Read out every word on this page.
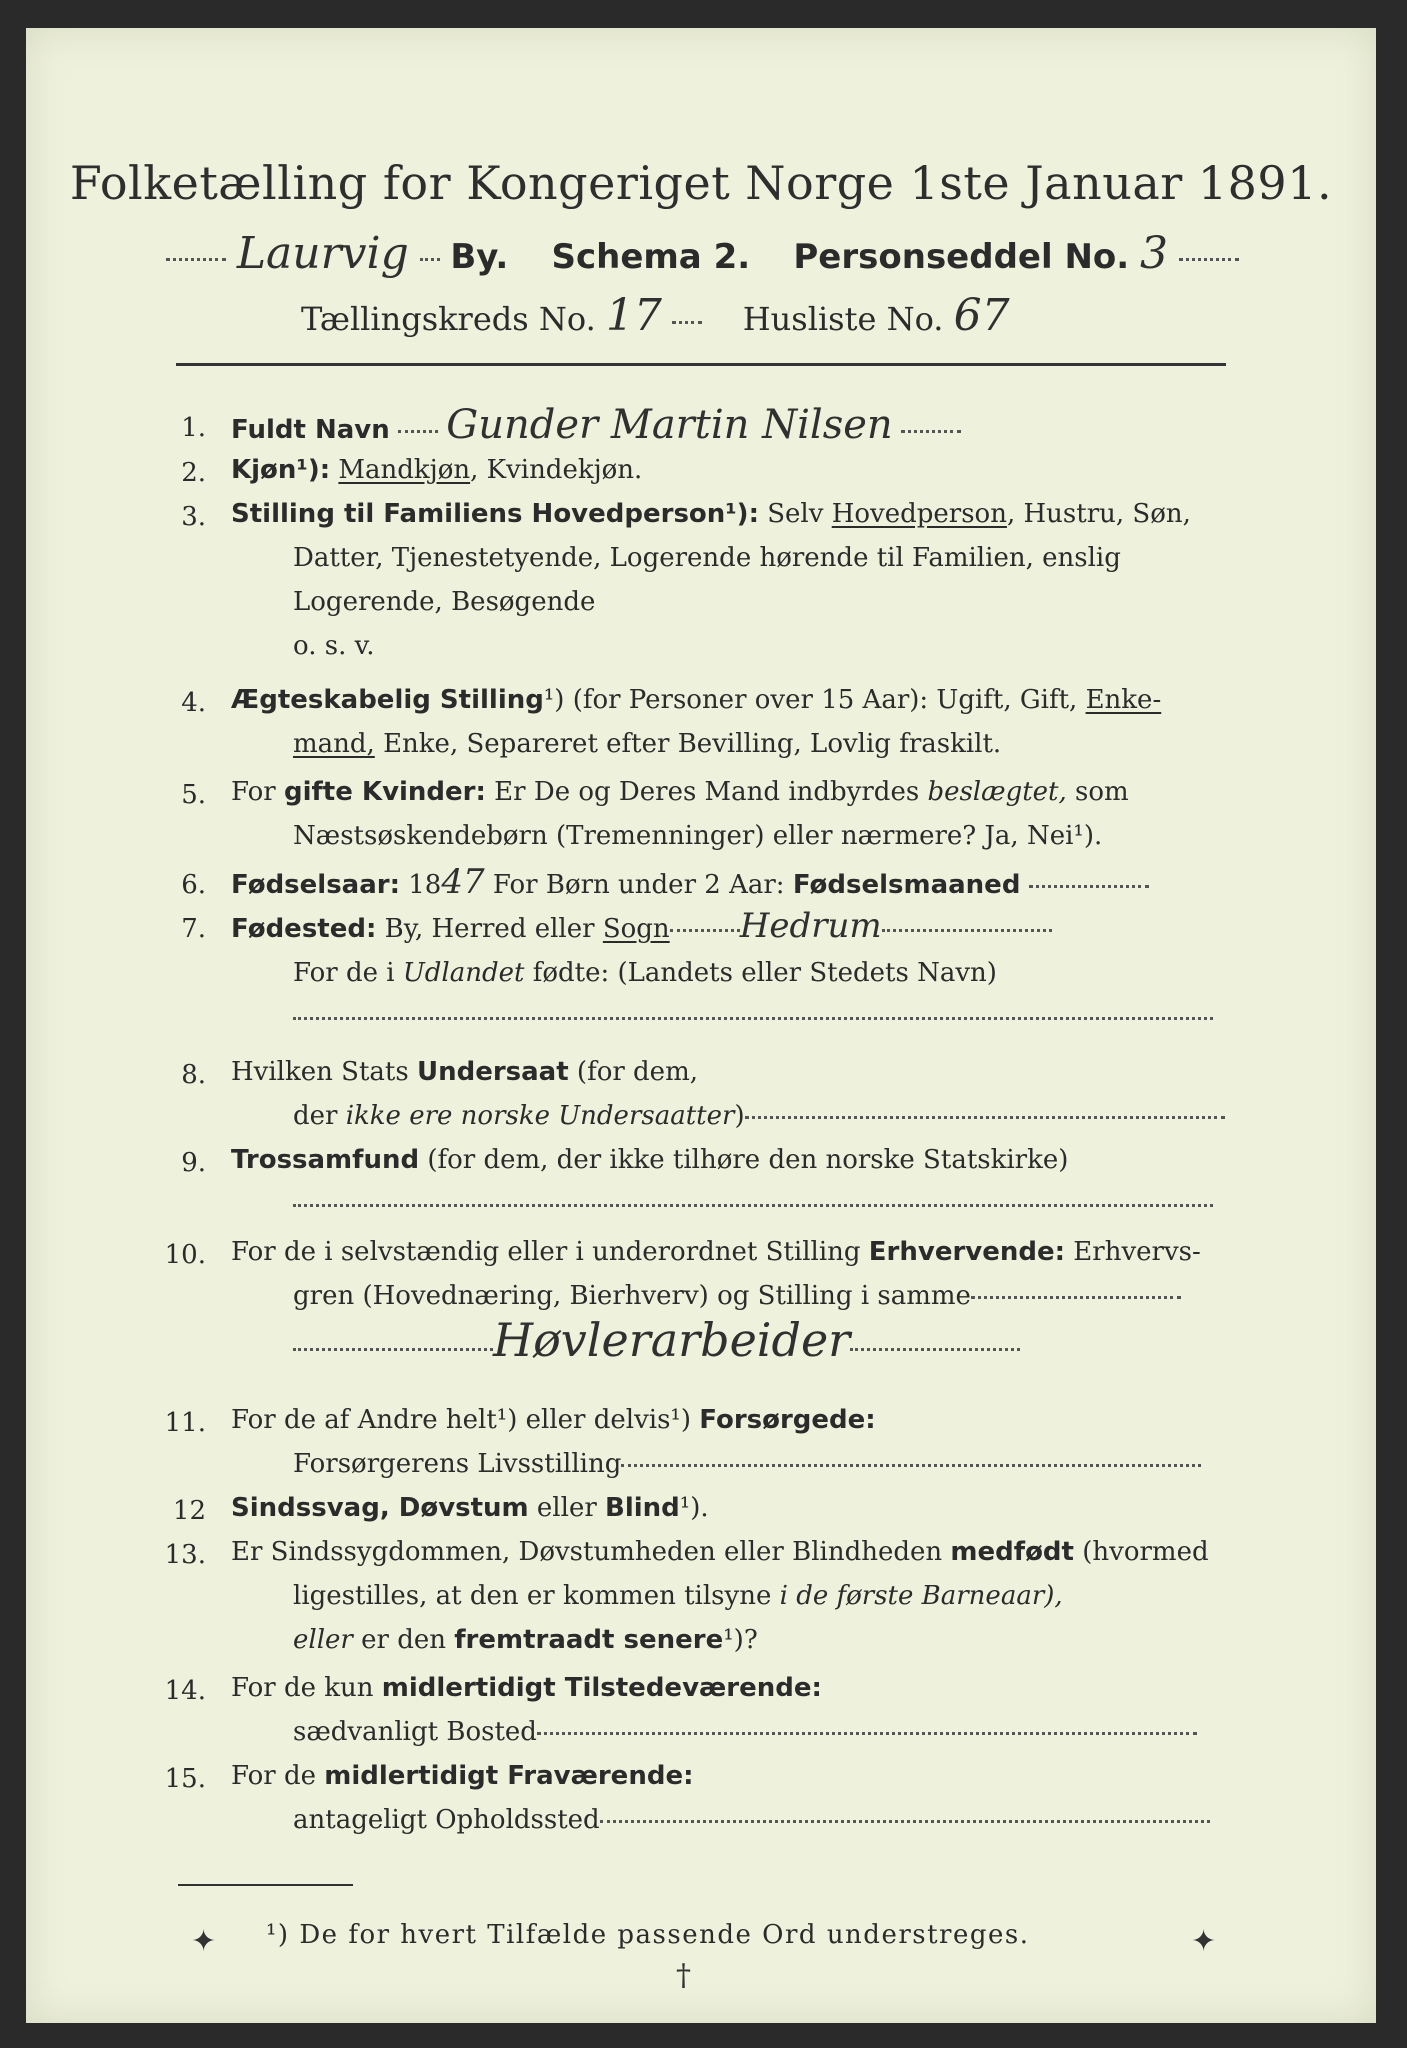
Folketælling for Kongeriget Norge 1ste Januar 1891.
Laurvig By. Schema 2. Personseddel No. 3
Tællingskreds No. 17	Husliste No. 67
1. Fuldt Navn Gunder Martin Nilsen
2. Kjøn¹): Mandkjøn, Kvindekjøn.
3. Stilling til Familiens Hovedperson¹): Selv Hovedperson, Hustru, Søn,
Datter, Tjenestetyende, Logerende hørende til Familien, enslig
Logerende, Besøgende
o. s. v.
4. Ægteskabelig Stilling¹) (for Personer over 15 Aar): Ugift, Gift, Enke-
mand, Enke, Separeret efter Bevilling, Lovlig fraskilt.
5. For gifte Kvinder: Er De og Deres Mand indbyrdes beslægtet, som
Næstsøskendebørn (Tremenninger) eller nærmere? Ja, Nei¹).
6. Fødselsaar: 1847 For Børn under 2 Aar: Fødselsmaaned
7. Fødested: By, Herred eller Sogn Hedrum
For de i Udlandet fødte: (Landets eller Stedets Navn)
8. Hvilken Stats Undersaat (for dem,
der ikke ere norske Undersaatter)
9. Trossamfund (for dem, der ikke tilhøre den norske Statskirke)
10. For de i selvstændig eller i underordnet Stilling Erhvervende: Erhvervs-
gren (Hovednæring, Bierhverv) og Stilling i samme
Høvlerarbeider
11. For de af Andre helt¹) eller delvis¹) Forsørgede:
Forsørgerens Livsstilling
12 Sindssvag, Døvstum eller Blind¹).
13. Er Sindssygdommen, Døvstumheden eller Blindheden medfødt (hvormed
ligestilles, at den er kommen tilsyne i de første Barneaar),
eller er den fremtraadt senere¹)?
14. For de kun midlertidigt Tilstedeværende:
sædvanligt Bosted
15. For de midlertidigt Fraværende:
antageligt Opholdssted
¹) De for hvert Tilfælde passende Ord understreges.
✦	✦
†
